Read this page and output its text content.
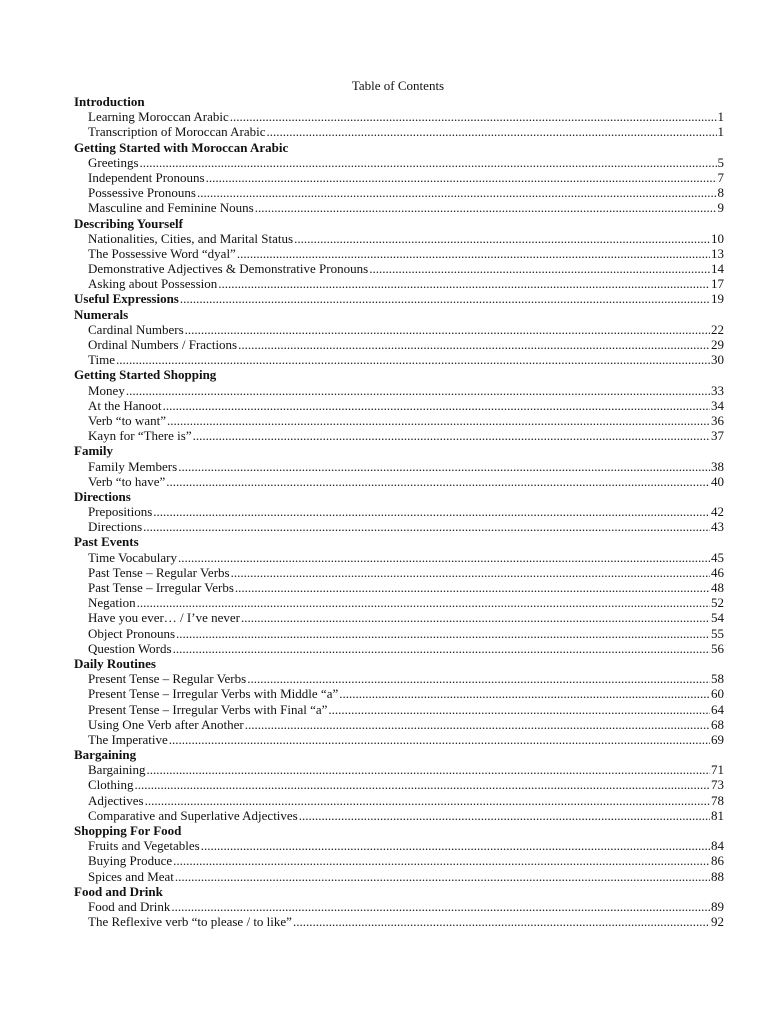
Table of Contents
Introduction
Learning Moroccan Arabic .....	1
Transcription of Moroccan Arabic .....	1
Getting Started with Moroccan Arabic
Greetings .....	5
Independent Pronouns .....	7
Possessive Pronouns .....	8
Masculine and Feminine Nouns .....	9
Describing Yourself
Nationalities, Cities, and Marital Status .....	10
The Possessive Word “dyal” .....	13
Demonstrative Adjectives & Demonstrative Pronouns .....	14
Asking about Possession .....	17
Useful Expressions .....	19
Numerals
Cardinal Numbers .....	22
Ordinal Numbers / Fractions .....	29
Time .....	30
Getting Started Shopping
Money .....	33
At the Hanoot .....	34
Verb “to want” .....	36
Kayn for “There is” .....	37
Family
Family Members .....	38
Verb “to have” .....	40
Directions
Prepositions .....	42
Directions .....	43
Past Events
Time Vocabulary .....	45
Past Tense – Regular Verbs .....	46
Past Tense – Irregular Verbs .....	48
Negation .....	52
Have you ever… / I’ve never .....	54
Object Pronouns .....	55
Question Words .....	56
Daily Routines
Present Tense – Regular Verbs .....	58
Present Tense – Irregular Verbs with Middle “a” .....	60
Present Tense – Irregular Verbs with Final “a” .....	64
Using One Verb after Another .....	68
The Imperative .....	69
Bargaining
Bargaining .....	71
Clothing .....	73
Adjectives .....	78
Comparative and Superlative Adjectives .....	81
Shopping For Food
Fruits and Vegetables .....	84
Buying Produce .....	86
Spices and Meat .....	88
Food and Drink
Food and Drink .....	89
The Reflexive verb “to please / to like” .....	92
